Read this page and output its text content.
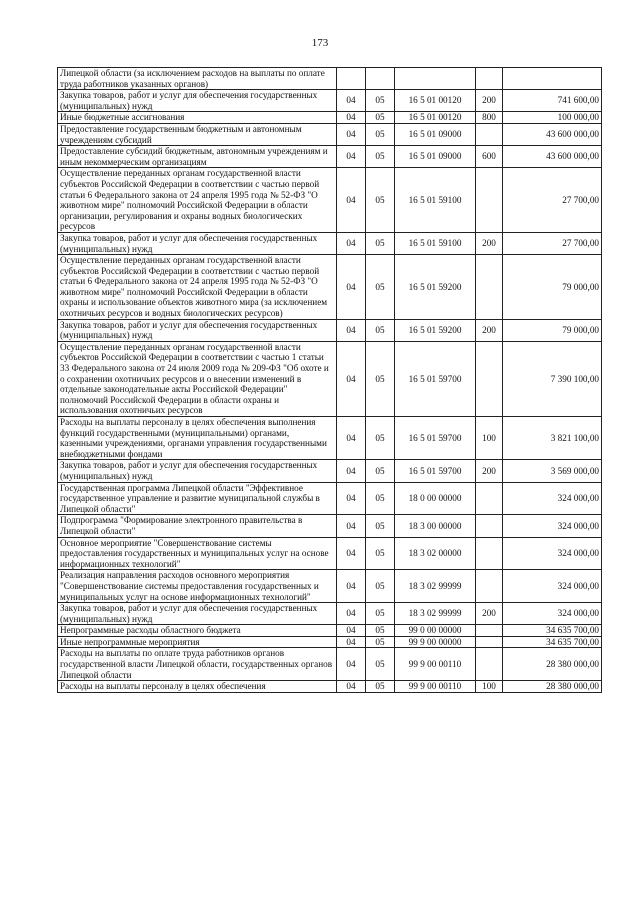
173
Липецкой области (за исключением расходов на выплаты по оплате труда работников указанных органов)					
Закупка товаров, работ и услуг для обеспечения государственных (муниципальных) нужд	04	05	16 5 01 00120	200	741 600,00
Иные бюджетные ассигнования	04	05	16 5 01 00120	800	100 000,00
Предоставление государственным бюджетным и автономным учреждениям субсидий	04	05	16 5 01 09000		43 600 000,00
Предоставление субсидий бюджетным, автономным учреждениям и иным некоммерческим организациям	04	05	16 5 01 09000	600	43 600 000,00
Осуществление переданных органам государственной власти субъектов Российской Федерации в соответствии с частью первой статьи 6 Федерального закона от 24 апреля 1995 года № 52-ФЗ "О животном мире" полномочий Российской Федерации в области организации, регулирования и охраны водных биологических ресурсов	04	05	16 5 01 59100		27 700,00
Закупка товаров, работ и услуг для обеспечения государственных (муниципальных) нужд	04	05	16 5 01 59100	200	27 700,00
Осуществление переданных органам государственной власти субъектов Российской Федерации в соответствии с частью первой статьи 6 Федерального закона от 24 апреля 1995 года № 52-ФЗ "О животном мире" полномочий Российской Федерации в области охраны и использование объектов животного мира (за исключением охотничьих ресурсов и водных биологических ресурсов)	04	05	16 5 01 59200		79 000,00
Закупка товаров, работ и услуг для обеспечения государственных (муниципальных) нужд	04	05	16 5 01 59200	200	79 000,00
Осуществление переданных органам государственной власти субъектов Российской Федерации в соответствии с частью 1 статьи 33 Федерального закона от 24 июля 2009 года № 209-ФЗ "Об охоте и о сохранении охотничьих ресурсов и о внесении изменений в отдельные законодательные акты Российской Федерации" полномочий Российской Федерации в области охраны и использования охотничьих ресурсов	04	05	16 5 01 59700		7 390 100,00
Расходы на выплаты персоналу в целях обеспечения выполнения функций государственными (муниципальными) органами, казенными учреждениями, органами управления государственными внебюджетными фондами	04	05	16 5 01 59700	100	3 821 100,00
Закупка товаров, работ и услуг для обеспечения государственных (муниципальных) нужд	04	05	16 5 01 59700	200	3 569 000,00
Государственная программа Липецкой области "Эффективное государственное управление и развитие муниципальной службы в Липецкой области"	04	05	18 0 00 00000		324 000,00
Подпрограмма "Формирование электронного правительства в Липецкой области"	04	05	18 3 00 00000		324 000,00
Основное мероприятие "Совершенствование системы предоставления государственных и муниципальных услуг на основе информационных технологий"	04	05	18 3 02 00000		324 000,00
Реализация направления расходов основного мероприятия "Совершенствование системы предоставления государственных и муниципальных услуг на основе информационных технологий"	04	05	18 3 02 99999		324 000,00
Закупка товаров, работ и услуг для обеспечения государственных (муниципальных) нужд	04	05	18 3 02 99999	200	324 000,00
Непрограммные расходы областного бюджета	04	05	99 0 00 00000		34 635 700,00
Иные непрограммные мероприятия	04	05	99 9 00 00000		34 635 700,00
Расходы на выплаты по оплате труда работников органов государственной власти Липецкой области, государственных органов Липецкой области	04	05	99 9 00 00110		28 380 000,00
Расходы на выплаты персоналу в целях обеспечения	04	05	99 9 00 00110	100	28 380 000,00
